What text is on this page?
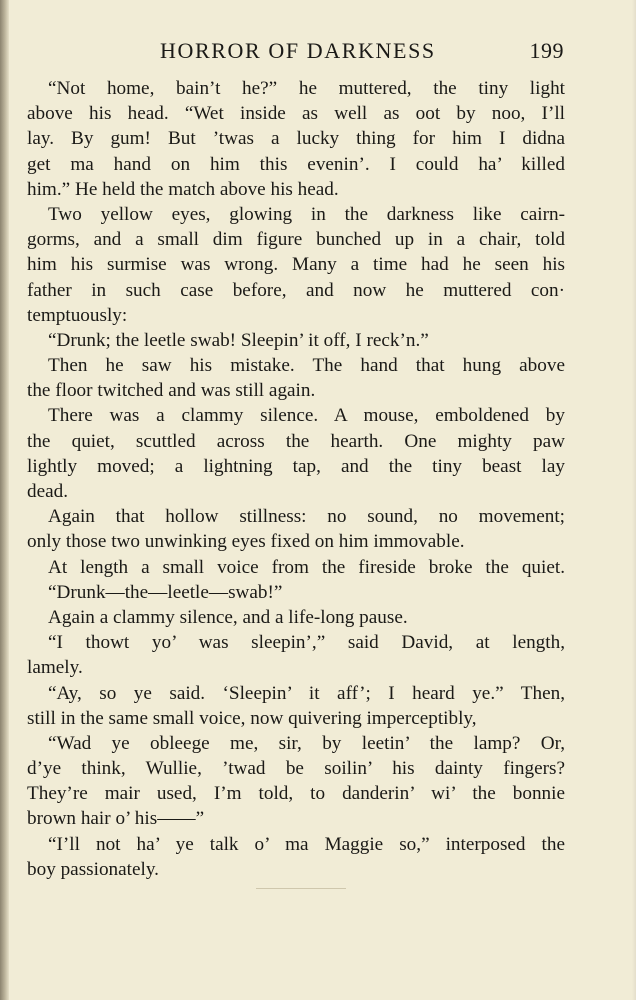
HORROR OF DARKNESS	199
“Not home, bain’t he?” he muttered, the tiny light
above his head. “Wet inside as well as oot by noo, I’ll
lay. By gum! But ’twas a lucky thing for him I didna
get ma hand on him this evenin’. I could ha’ killed
him.” He held the match above his head.
Two yellow eyes, glowing in the darkness like cairn-
gorms, and a small dim figure bunched up in a chair, told
him his surmise was wrong. Many a time had he seen his
father in such case before, and now he muttered con·
temptuously:
“Drunk; the leetle swab! Sleepin’ it off, I reck’n.”
Then he saw his mistake. The hand that hung above
the floor twitched and was still again.
There was a clammy silence. A mouse, emboldened by
the quiet, scuttled across the hearth. One mighty paw
lightly moved; a lightning tap, and the tiny beast lay
dead.
Again that hollow stillness: no sound, no movement;
only those two unwinking eyes fixed on him immovable.
At length a small voice from the fireside broke the quiet.
“Drunk—the—leetle—swab!”
Again a clammy silence, and a life-long pause.
“I thowt yo’ was sleepin’,” said David, at length,
lamely.
“Ay, so ye said. ‘Sleepin’ it aff’; I heard ye.” Then,
still in the same small voice, now quivering imperceptibly,
“Wad ye obleege me, sir, by leetin’ the lamp? Or,
d’ye think, Wullie, ’twad be soilin’ his dainty fingers?
They’re mair used, I’m told, to danderin’ wi’ the bonnie
brown hair o’ his——”
“I’ll not ha’ ye talk o’ ma Maggie so,” interposed the
boy passionately.
